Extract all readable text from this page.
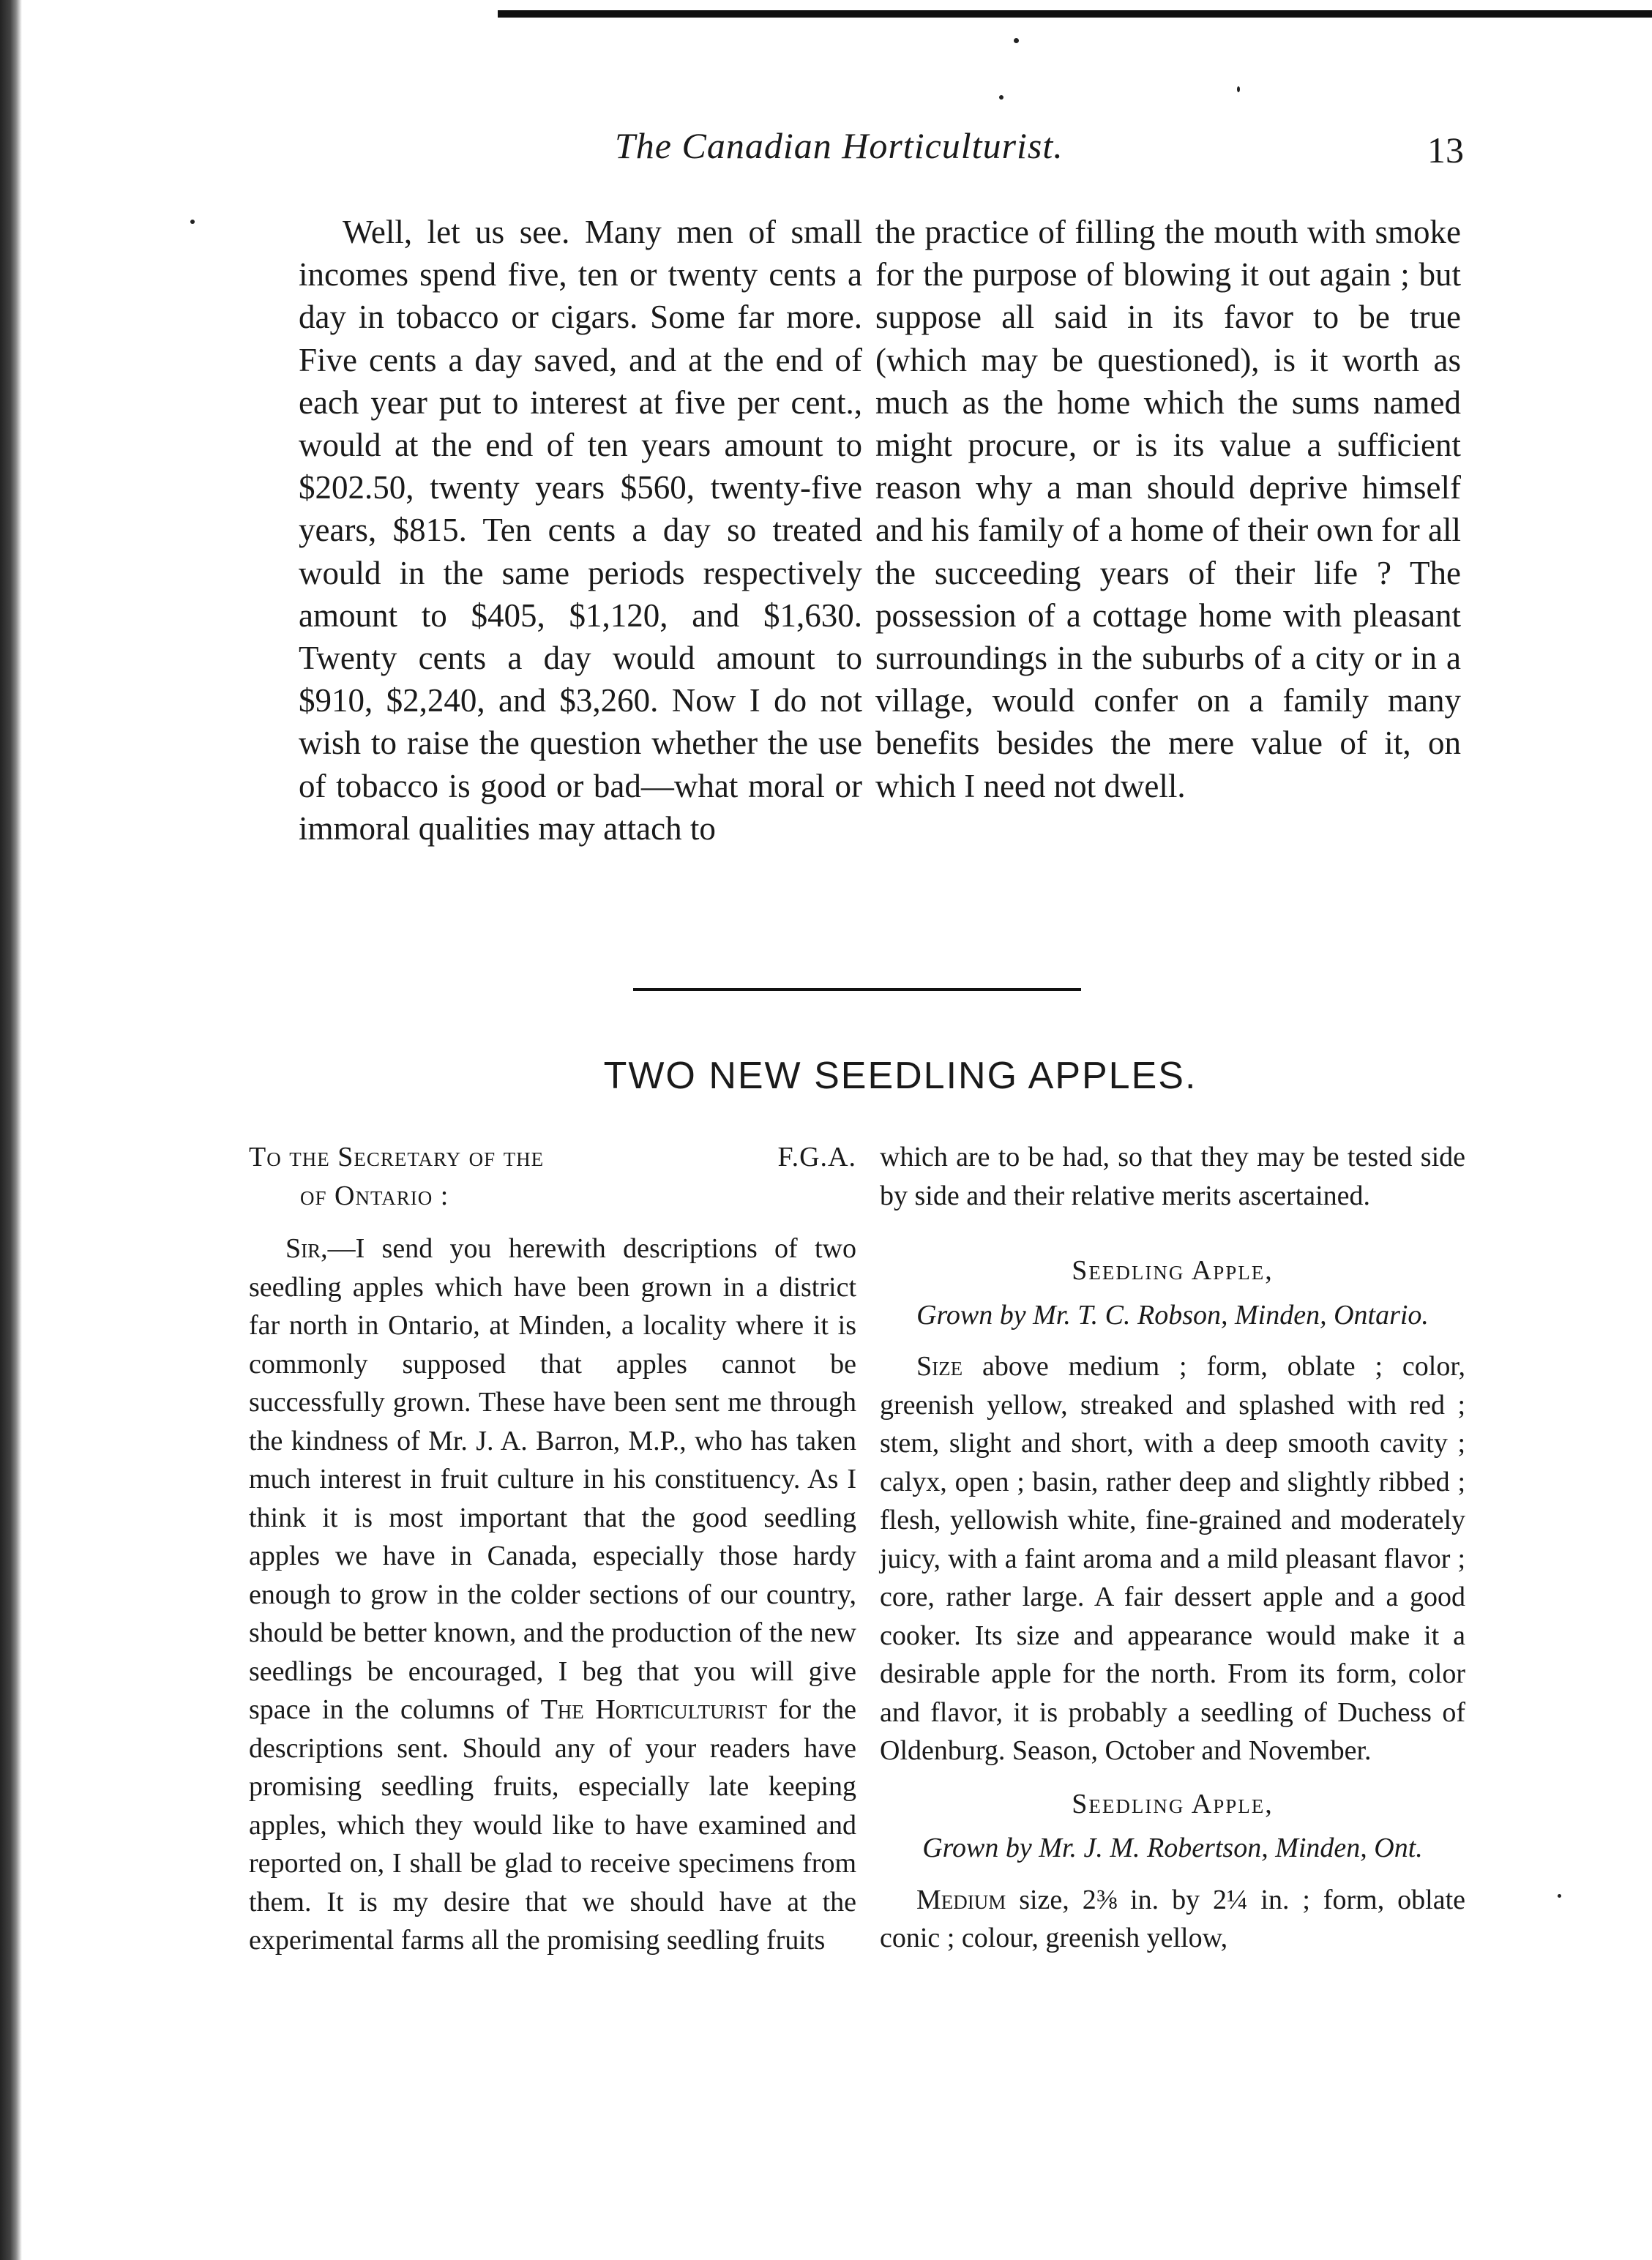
The Canadian Horticulturist.	13

Well, let us see. Many men of small incomes spend five, ten or twenty cents a day in tobacco or cigars. Some far more. Five cents a day saved, and at the end of each year put to interest at five per cent., would at the end of ten years amount to $202.50, twenty years $560, twenty-five years, $815. Ten cents a day so treated would in the same periods respectively amount to $405, $1,120, and $1,630. Twenty cents a day would amount to $910, $2,240, and $3,260. Now I do not wish to raise the question whether the use of tobacco is good or bad—what moral or immoral qualities may attach to

the practice of filling the mouth with smoke for the purpose of blowing it out again ; but suppose all said in its favor to be true (which may be questioned), is it worth as much as the home which the sums named might procure, or is its value a sufficient reason why a man should deprive himself and his family of a home of their own for all the succeeding years of their life ? The possession of a cottage home with pleasant surroundings in the suburbs of a city or in a village, would confer on a family many benefits besides the mere value of it, on which I need not dwell.

TWO NEW SEEDLING APPLES.
To the Secretary of the	F.G.A.
of Ontario :

Sir,—I send you herewith descriptions of two seedling apples which have been grown in a district far north in Ontario, at Minden, a locality where it is commonly supposed that apples cannot be successfully grown. These have been sent me through the kindness of Mr. J. A. Barron, M.P., who has taken much interest in fruit culture in his constituency. As I think it is most important that the good seedling apples we have in Canada, especially those hardy enough to grow in the colder sections of our country, should be better known, and the production of the new seedlings be encouraged, I beg that you will give space in the columns of The Horticulturist for the descriptions sent. Should any of your readers have promising seedling fruits, especially late keeping apples, which they would like to have examined and reported on, I shall be glad to receive specimens from them. It is my desire that we should have at the experimental farms all the promising seedling fruits

which are to be had, so that they may be tested side by side and their relative merits ascertained.

Seedling Apple,

Grown by Mr. T. C. Robson, Minden, Ontario.

Size above medium ; form, oblate ; color, greenish yellow, streaked and splashed with red ; stem, slight and short, with a deep smooth cavity ; calyx, open ; basin, rather deep and slightly ribbed ; flesh, yellowish white, fine-grained and moderately juicy, with a faint aroma and a mild pleasant flavor ; core, rather large. A fair dessert apple and a good cooker. Its size and appearance would make it a desirable apple for the north. From its form, color and flavor, it is probably a seedling of Duchess of Oldenburg. Season, October and November.

Seedling Apple,

Grown by Mr. J. M. Robertson, Minden, Ont.

Medium size, 2⅜ in. by 2¼ in. ; form, oblate conic ; colour, greenish yellow,
